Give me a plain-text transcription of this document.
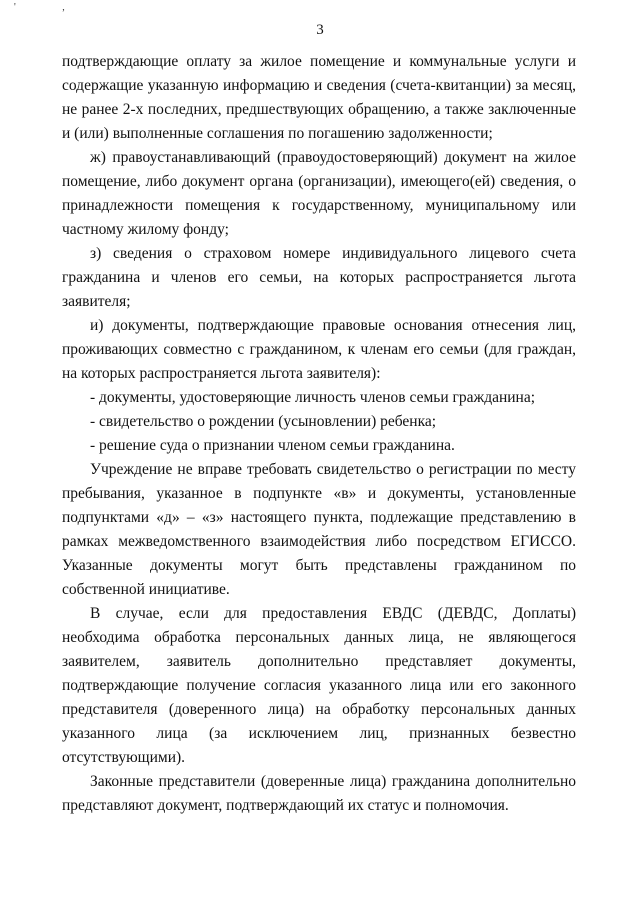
' ,
3

подтверждающие оплату за жилое помещение и коммунальные услуги и содержащие указанную информацию и сведения (счета-квитанции) за месяц, не ранее 2-х последних, предшествующих обращению, а также заключенные и (или) выполненные соглашения по погашению задолженности;

ж) правоустанавливающий (правоудостоверяющий) документ на жилое помещение, либо документ органа (организации), имеющего(ей) сведения, о принадлежности помещения к государственному, муниципальному или частному жилому фонду;

з) сведения о страховом номере индивидуального лицевого счета гражданина и членов его семьи, на которых распространяется льгота заявителя;

и) документы, подтверждающие правовые основания отнесения лиц, проживающих совместно с гражданином, к членам его семьи (для граждан, на которых распространяется льгота заявителя):

- документы, удостоверяющие личность членов семьи гражданина;

- свидетельство о рождении (усыновлении) ребенка;

- решение суда о признании членом семьи гражданина.

Учреждение не вправе требовать свидетельство о регистрации по месту пребывания, указанное в подпункте «в» и документы, установленные подпунктами «д» – «з» настоящего пункта, подлежащие представлению в рамках межведомственного взаимодействия либо посредством ЕГИССО. Указанные документы могут быть представлены гражданином по собственной инициативе.

В случае, если для предоставления ЕВДС (ДЕВДС, Доплаты) необходима обработка персональных данных лица, не являющегося заявителем, заявитель дополнительно представляет документы, подтверждающие получение согласия указанного лица или его законного представителя (доверенного лица) на обработку персональных данных указанного лица (за исключением лиц, признанных безвестно отсутствующими).

Законные представители (доверенные лица) гражданина дополнительно представляют документ, подтверждающий их статус и полномочия.
